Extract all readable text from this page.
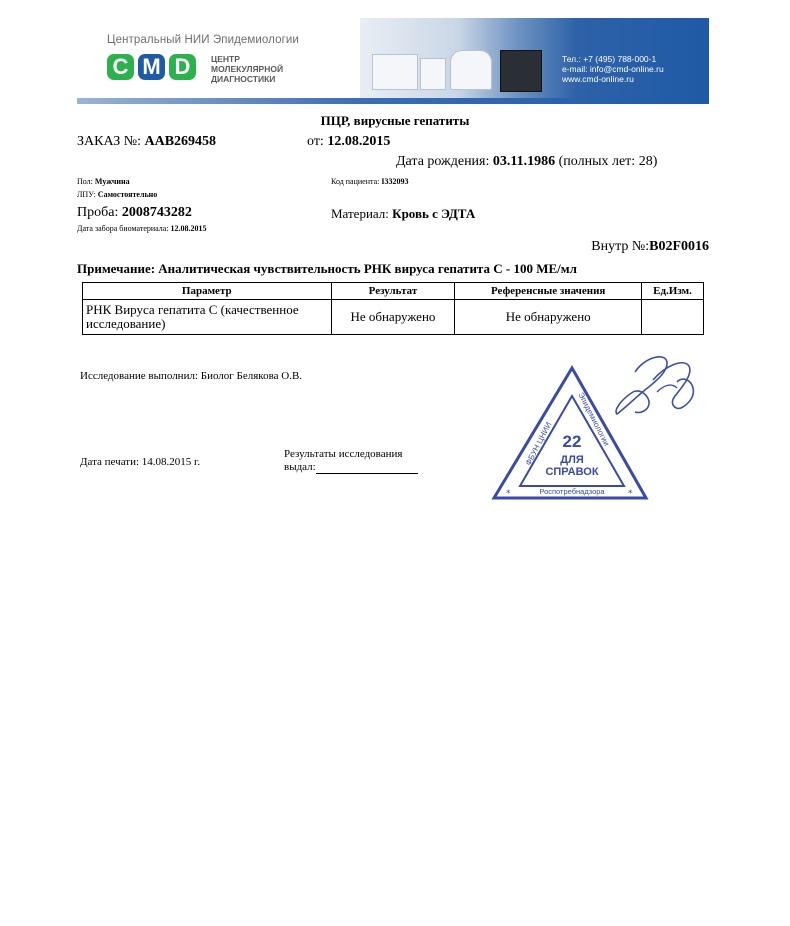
Центральный НИИ Эпидемиологии
C M D	ЦЕНТР
МОЛЕКУЛЯРНОЙ
ДИАГНОСТИКИ
Тел.: +7 (495) 788-000-1
e-mail: info@cmd-online.ru
www.cmd-online.ru
ПЦР, вирусные гепатиты
ЗАКАЗ №: AAB269458	от: 12.08.2015
Дата рождения: 03.11.1986 (полных лет: 28)
Пол: Мужчина	Код пациента: I332093
ЛПУ: Самостоятельно
Проба: 2008743282	Материал: Кровь с ЭДТА
Дата забора биоматериала: 12.08.2015
Внутр №:B02F0016
Примечание: Аналитическая чувствительность РНК вируса гепатита С - 100 МЕ/мл
Параметр	Результат	Референсные значения	Ед.Изм.
РНК Вируса гепатита С (качественное исследование)	Не обнаружено	Не обнаружено	
Исследование выполнил: Биолог Белякова О.В.
Дата печати: 14.08.2015 г.
Результаты исследования
выдал:
22
ДЛЯ
СПРАВОК
ФБУН ЦНИИ
Эпидемиологии
Роспотребнадзора
*	*
